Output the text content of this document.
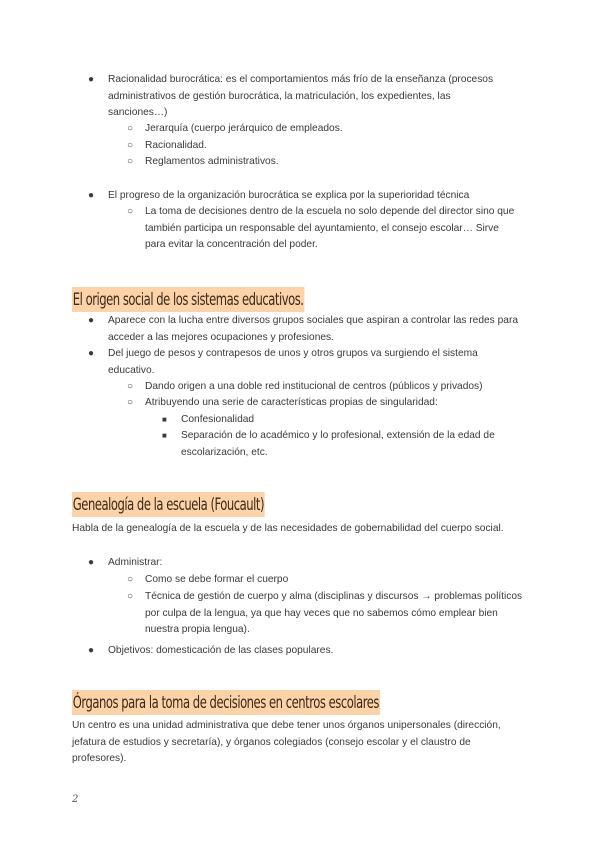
● Racionalidad burocrática: es el comportamientos más frío de la enseñanza (procesos administrativos de gestión burocrática, la matriculación, los expedientes, las sanciones…)
○ Jerarquía (cuerpo jerárquico de empleados.
○ Racionalidad.
○ Reglamentos administrativos.
● El progreso de la organización burocrática se explica por la superioridad técnica
○ La toma de decisiones dentro de la escuela no solo depende del director sino que también participa un responsable del ayuntamiento, el consejo escolar… Sirve para evitar la concentración del poder.
El origen social de los sistemas educativos.
● Aparece con la lucha entre diversos grupos sociales que aspiran a controlar las redes para acceder a las mejores ocupaciones y profesiones.
● Del juego de pesos y contrapesos de unos y otros grupos va surgiendo el sistema educativo.
○ Dando origen a una doble red institucional de centros (públicos y privados)
○ Atribuyendo una serie de características propias de singularidad:
■ Confesionalidad
■ Separación de lo académico y lo profesional, extensión de la edad de escolarización, etc.
Genealogía de la escuela (Foucault)
Habla de la genealogía de la escuela y de las necesidades de gobernabilidad del cuerpo social.
● Administrar:
○ Como se debe formar el cuerpo
○ Técnica de gestión de cuerpo y alma (disciplinas y discursos → problemas políticos por culpa de la lengua, ya que hay veces que no sabemos cómo emplear bien nuestra propia lengua).
● Objetivos: domesticación de las clases populares.
Órganos para la toma de decisiones en centros escolares
Un centro es una unidad administrativa que debe tener unos órganos unipersonales (dirección, jefatura de estudios y secretaría), y órganos colegiados (consejo escolar y el claustro de profesores).
2
